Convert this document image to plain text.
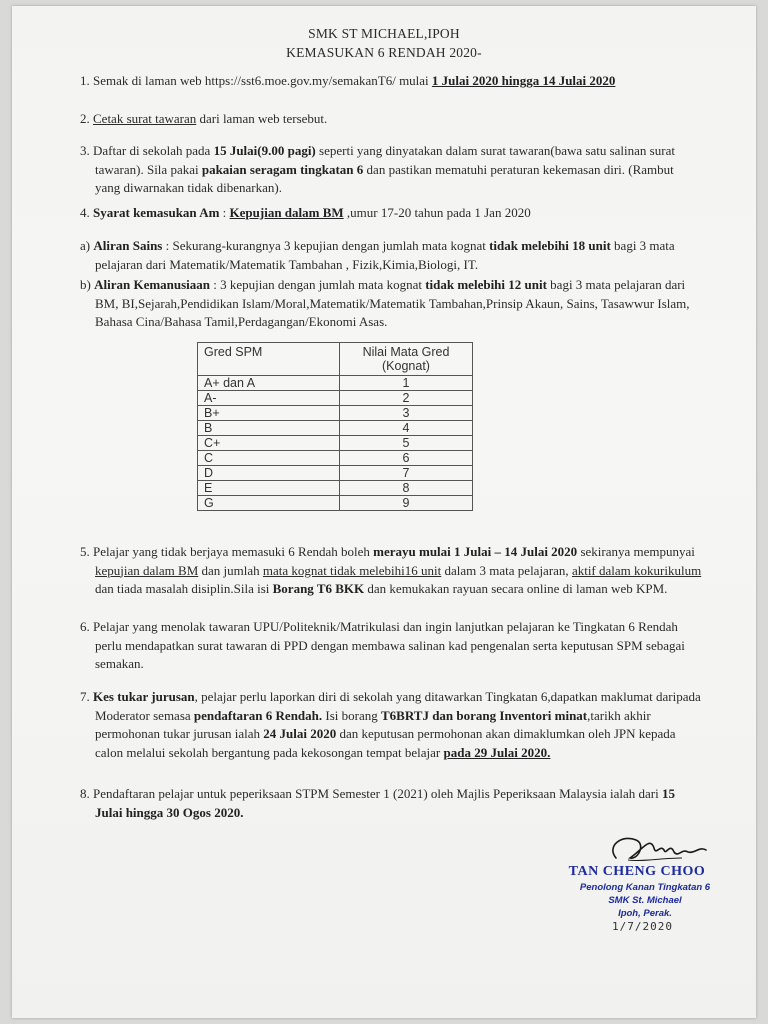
SMK ST MICHAEL,IPOH
KEMASUKAN 6 RENDAH 2020-
1. Semak di laman web https://sst6.moe.gov.my/semakanT6/ mulai 1 Julai 2020 hingga 14 Julai 2020
2. Cetak surat tawaran dari laman web tersebut.
3. Daftar di sekolah pada 15 Julai(9.00 pagi) seperti yang dinyatakan dalam surat tawaran(bawa satu salinan surat tawaran). Sila pakai pakaian seragam tingkatan 6 dan pastikan mematuhi peraturan kekemasan diri. (Rambut yang diwarnakan tidak dibenarkan).
4. Syarat kemasukan Am : Kepujian dalam BM ,umur 17-20 tahun pada 1 Jan 2020
a) Aliran Sains : Sekurang-kurangnya 3 kepujian dengan jumlah mata kognat tidak melebihi 18 unit bagi 3 mata pelajaran dari Matematik/Matematik Tambahan , Fizik,Kimia,Biologi, IT.
b) Aliran Kemanusiaan : 3 kepujian dengan jumlah mata kognat tidak melebihi 12 unit bagi 3 mata pelajaran dari BM, BI,Sejarah,Pendidikan Islam/Moral,Matematik/Matematik Tambahan,Prinsip Akaun, Sains, Tasawwur Islam, Bahasa Cina/Bahasa Tamil,Perdagangan/Ekonomi Asas.
Gred SPM	Nilai Mata Gred (Kognat)
A+ dan A	1
A-	2
B+	3
B	4
C+	5
C	6
D	7
E	8
G	9
5. Pelajar yang tidak berjaya memasuki 6 Rendah boleh merayu mulai 1 Julai – 14 Julai 2020 sekiranya mempunyai kepujian dalam BM dan jumlah mata kognat tidak melebihi16 unit dalam 3 mata pelajaran, aktif dalam kokurikulum dan tiada masalah disiplin.Sila isi Borang T6 BKK dan kemukakan rayuan secara online di laman web KPM.
6. Pelajar yang menolak tawaran UPU/Politeknik/Matrikulasi dan ingin lanjutkan pelajaran ke Tingkatan 6 Rendah perlu mendapatkan surat tawaran di PPD dengan membawa salinan kad pengenalan serta keputusan SPM sebagai semakan.
7. Kes tukar jurusan, pelajar perlu laporkan diri di sekolah yang ditawarkan Tingkatan 6,dapatkan maklumat daripada Moderator semasa pendaftaran 6 Rendah. Isi borang T6BRTJ dan borang Inventori minat,tarikh akhir permohonan tukar jurusan ialah 24 Julai 2020 dan keputusan permohonan akan dimaklumkan oleh JPN kepada calon melalui sekolah bergantung pada kekosongan tempat belajar pada 29 Julai 2020.
8. Pendaftaran pelajar untuk peperiksaan STPM Semester 1 (2021) oleh Majlis Peperiksaan Malaysia ialah dari 15 Julai hingga 30 Ogos 2020.
TAN CHENG CHOO
Penolong Kanan Tingkatan 6
SMK St. Michael
Ipoh, Perak.
1/7/2020
